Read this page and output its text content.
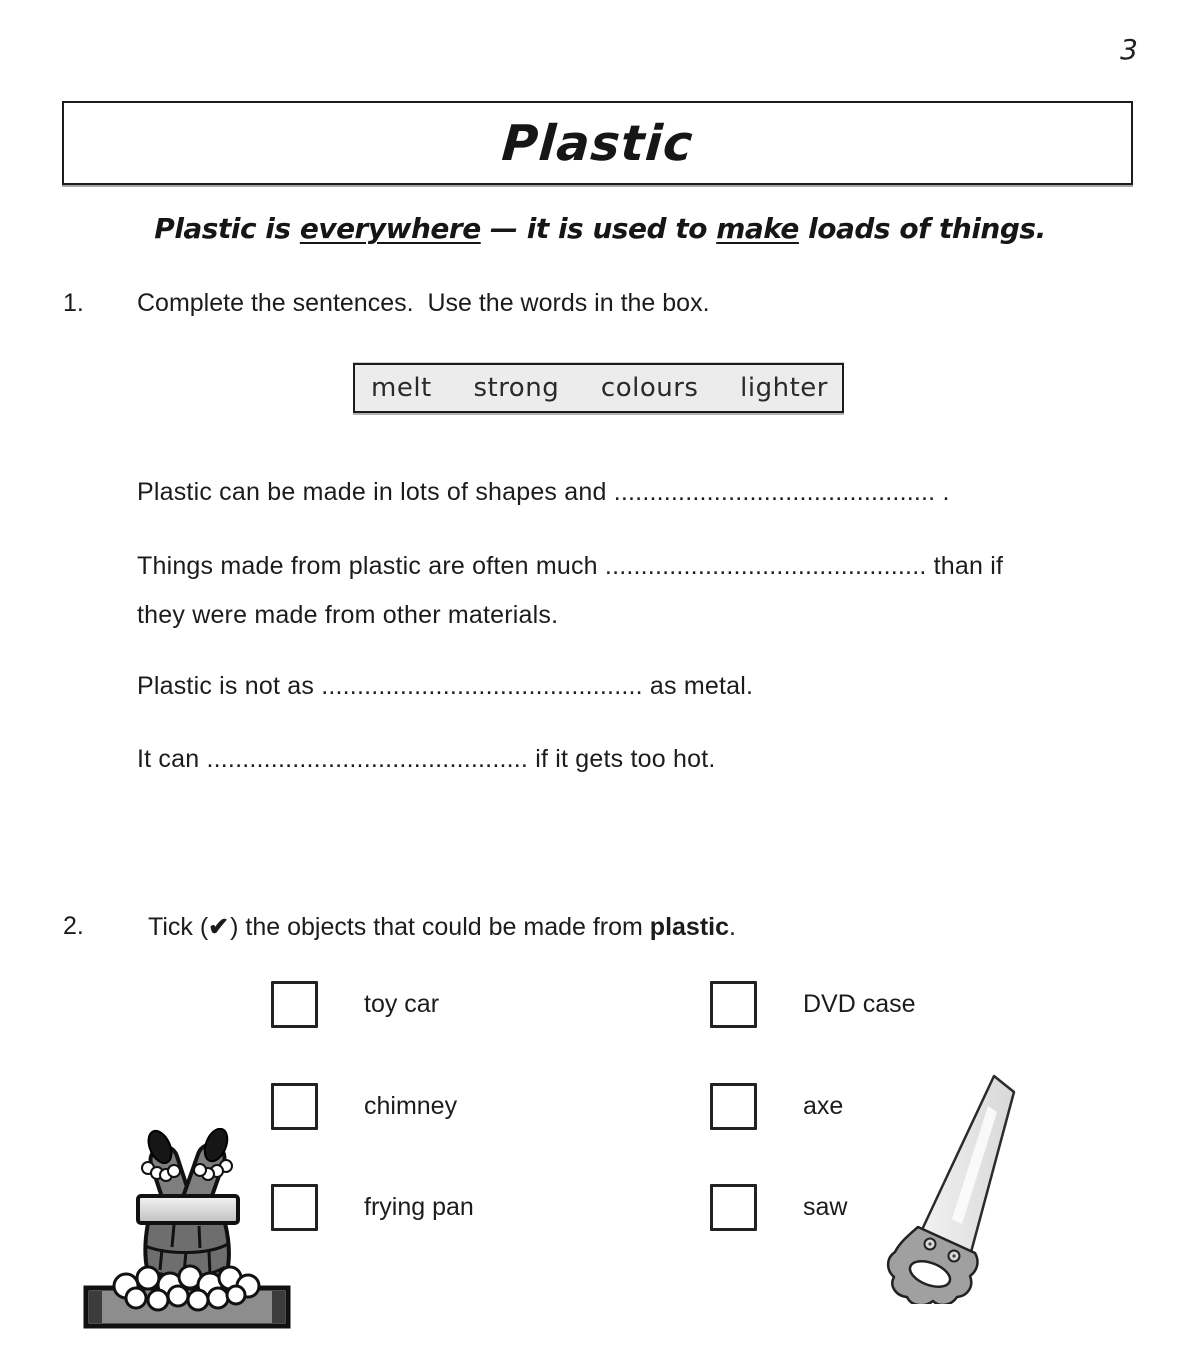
3
Plastic
Plastic is everywhere — it is used to make loads of things.
1. Complete the sentences.  Use the words in the box.
melt strong colours lighter
Plastic can be made in lots of shapes and ............................................. .
Things made from plastic are often much ............................................. than if
they were made from other materials.
Plastic is not as ............................................. as metal.
It can ............................................. if it gets too hot.
2.	Tick (✔) the objects that could be made from plastic.
toy car	DVD case
chimney	axe
frying pan	saw
